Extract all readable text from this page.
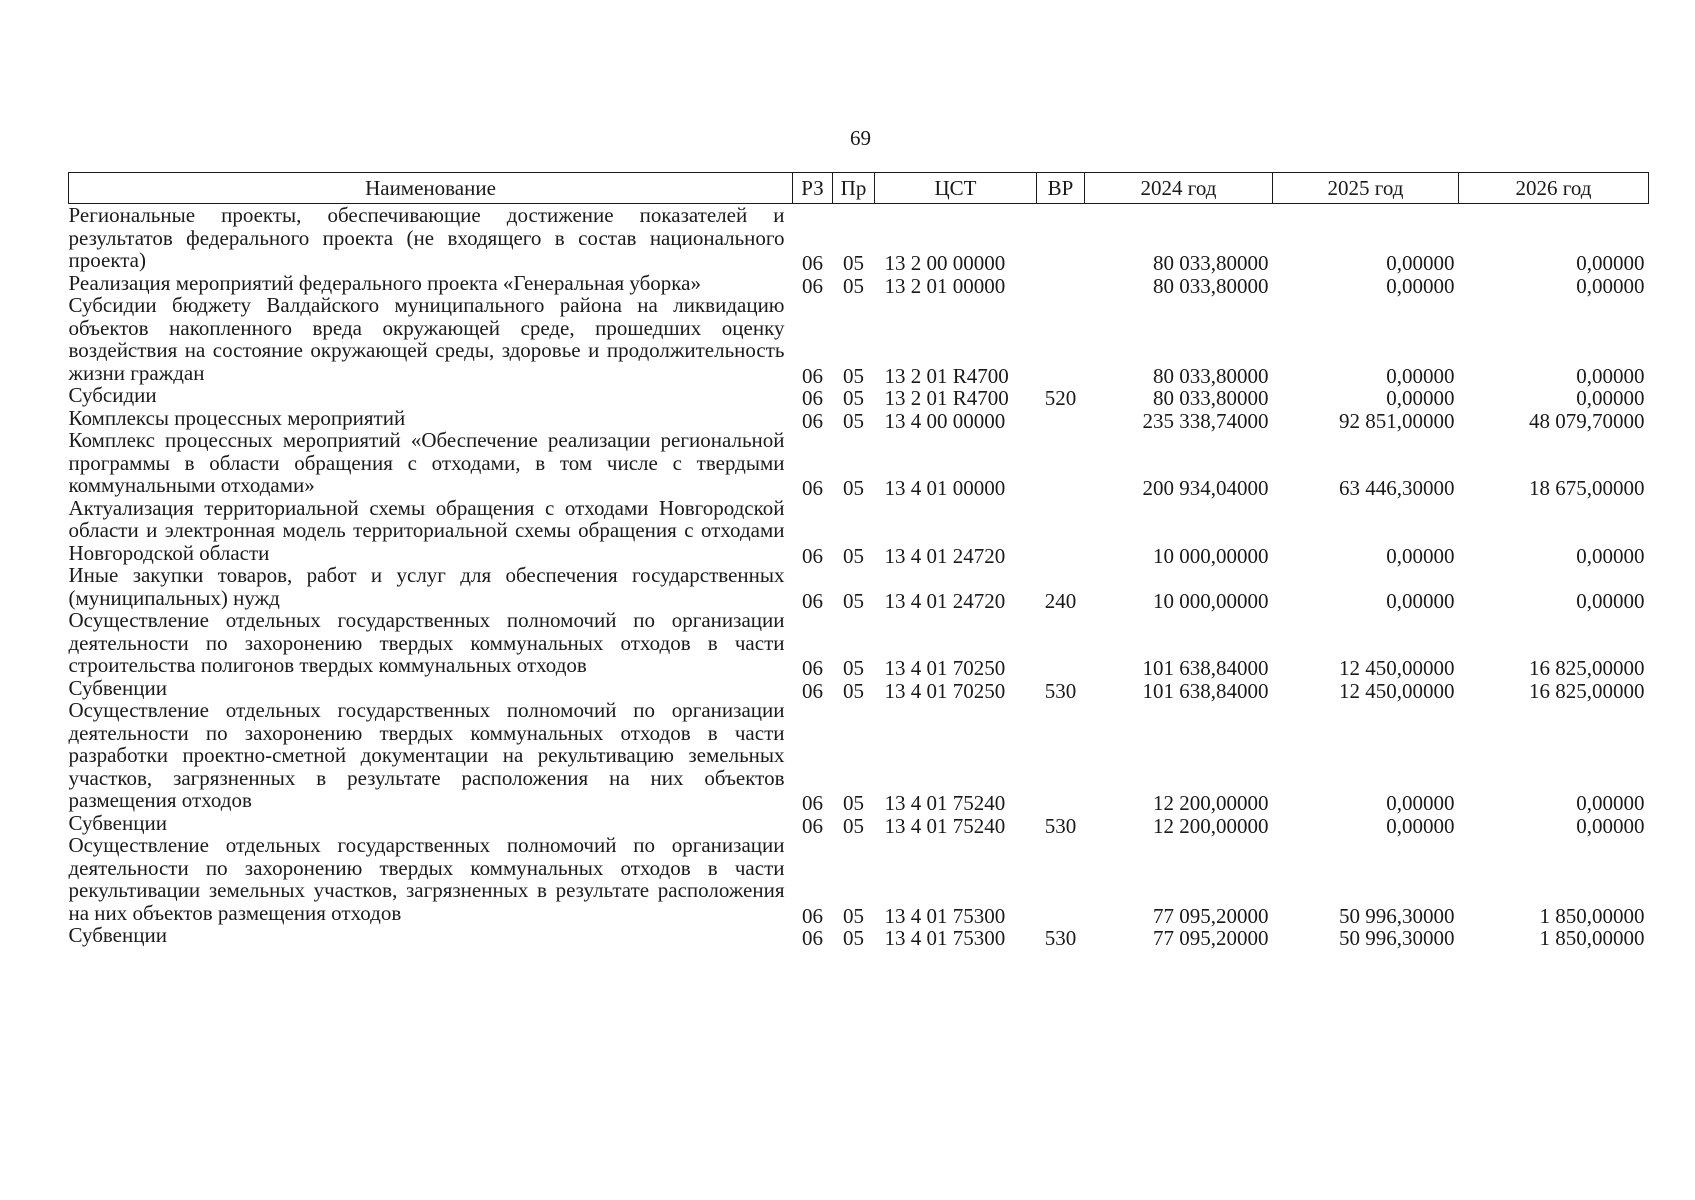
69
Наименование	РЗ	Пр	ЦСТ	ВР	2024 год	2025 год	2026 год
Региональные проекты, обеспечивающие достижение показателей и результатов федерального проекта (не входящего в состав национального проекта)	06	05	13 2 00 00000		80 033,80000	0,00000	0,00000
Реализация мероприятий федерального проекта «Генеральная уборка»	06	05	13 2 01 00000		80 033,80000	0,00000	0,00000
Субсидии бюджету Валдайского муниципального района на ликвидацию объектов накопленного вреда окружающей среде, прошедших оценку воздействия на состояние окружающей среды, здоровье и продолжительность жизни граждан	06	05	13 2 01 R4700		80 033,80000	0,00000	0,00000
Субсидии	06	05	13 2 01 R4700	520	80 033,80000	0,00000	0,00000
Комплексы процессных мероприятий	06	05	13 4 00 00000		235 338,74000	92 851,00000	48 079,70000
Комплекс процессных мероприятий «Обеспечение реализации региональной программы в области обращения с отходами, в том числе с твердыми коммунальными отходами»	06	05	13 4 01 00000		200 934,04000	63 446,30000	18 675,00000
Актуализация территориальной схемы обращения с отходами Новгородской области и электронная модель территориальной схемы обращения с отходами Новгородской области	06	05	13 4 01 24720		10 000,00000	0,00000	0,00000
Иные закупки товаров, работ и услуг для обеспечения государственных (муниципальных) нужд	06	05	13 4 01 24720	240	10 000,00000	0,00000	0,00000
Осуществление отдельных государственных полномочий по организации деятельности по захоронению твердых коммунальных отходов в части строительства полигонов твердых коммунальных отходов	06	05	13 4 01 70250		101 638,84000	12 450,00000	16 825,00000
Субвенции	06	05	13 4 01 70250	530	101 638,84000	12 450,00000	16 825,00000
Осуществление отдельных государственных полномочий по организации деятельности по захоронению твердых коммунальных отходов в части разработки проектно-сметной документации на рекультивацию земельных участков, загрязненных в результате расположения на них объектов размещения отходов	06	05	13 4 01 75240		12 200,00000	0,00000	0,00000
Субвенции	06	05	13 4 01 75240	530	12 200,00000	0,00000	0,00000
Осуществление отдельных государственных полномочий по организации деятельности по захоронению твердых коммунальных отходов в части рекультивации земельных участков, загрязненных в результате расположения на них объектов размещения отходов	06	05	13 4 01 75300		77 095,20000	50 996,30000	1 850,00000
Субвенции	06	05	13 4 01 75300	530	77 095,20000	50 996,30000	1 850,00000
